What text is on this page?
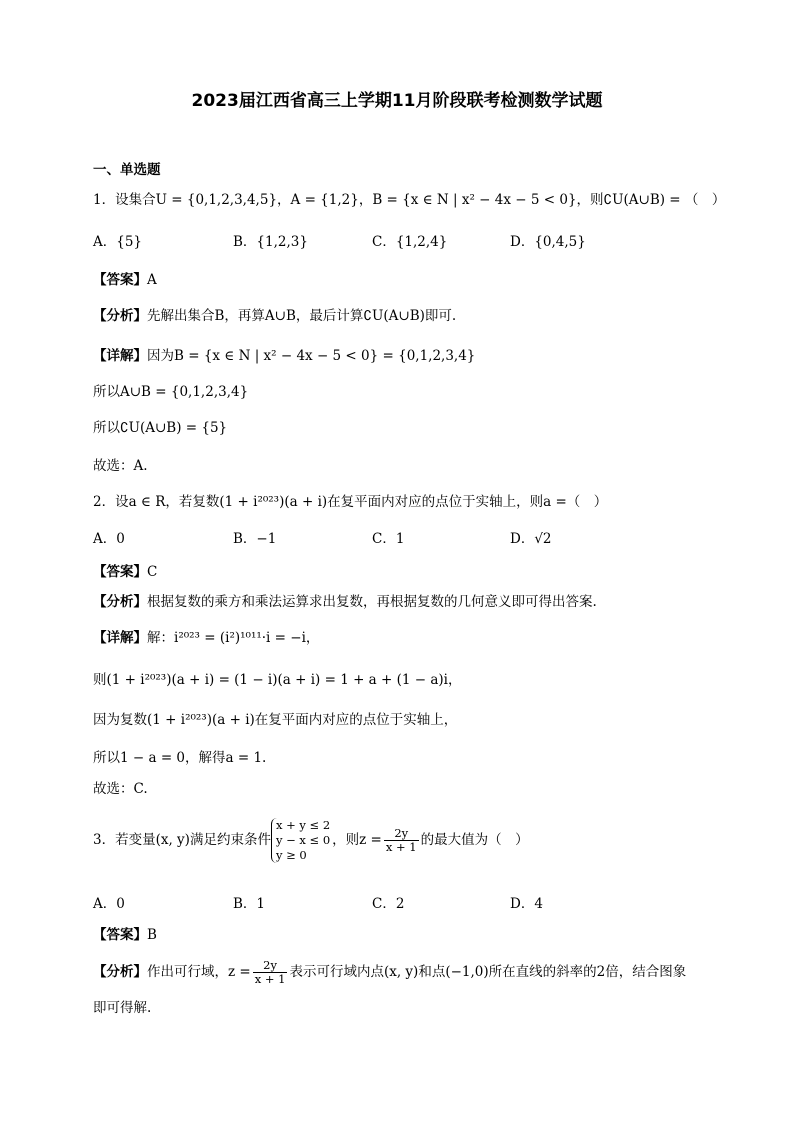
2023届江西省高三上学期11月阶段联考检测数学试题
一、单选题
1．设集合U = {0,1,2,3,4,5}，A = {1,2}，B = {x ∈ N | x² − 4x − 5 < 0}，则∁U(A∪B) = （　）
A．{5}	B．{1,2,3}	C．{1,2,4}	D．{0,4,5}
【答案】A
【分析】先解出集合B，再算A∪B，最后计算∁U(A∪B)即可.
【详解】因为B = {x ∈ N | x² − 4x − 5 < 0} = {0,1,2,3,4}
所以A∪B = {0,1,2,3,4}
所以∁U(A∪B) = {5}
故选：A.
2．设a ∈ R，若复数(1 + i²⁰²³)(a + i)在复平面内对应的点位于实轴上，则a =（　）
A．0	B．−1	C．1	D．√2
【答案】C
【分析】根据复数的乘方和乘法运算求出复数，再根据复数的几何意义即可得出答案.
【详解】解：i²⁰²³ = (i²)¹⁰¹¹·i = −i，
则(1 + i²⁰²³)(a + i) = (1 − i)(a + i) = 1 + a + (1 − a)i，
因为复数(1 + i²⁰²³)(a + i)在复平面内对应的点位于实轴上，
所以1 − a = 0，解得a = 1.
故选：C.
3．若变量(x, y)满足约束条件
x + y ≤ 2
y − x ≤ 0
y ≥ 0
，则$z = \frac{2y}{x + 1}$ 的最大值为（　）
A．0	B．1	C．2	D．4
【答案】B
【分析】作出可行域，$z = \frac{2y}{x + 1}$ 表示可行域内点(x, y)和点(−1,0)所在直线的斜率的2倍，结合图象
即可得解.
